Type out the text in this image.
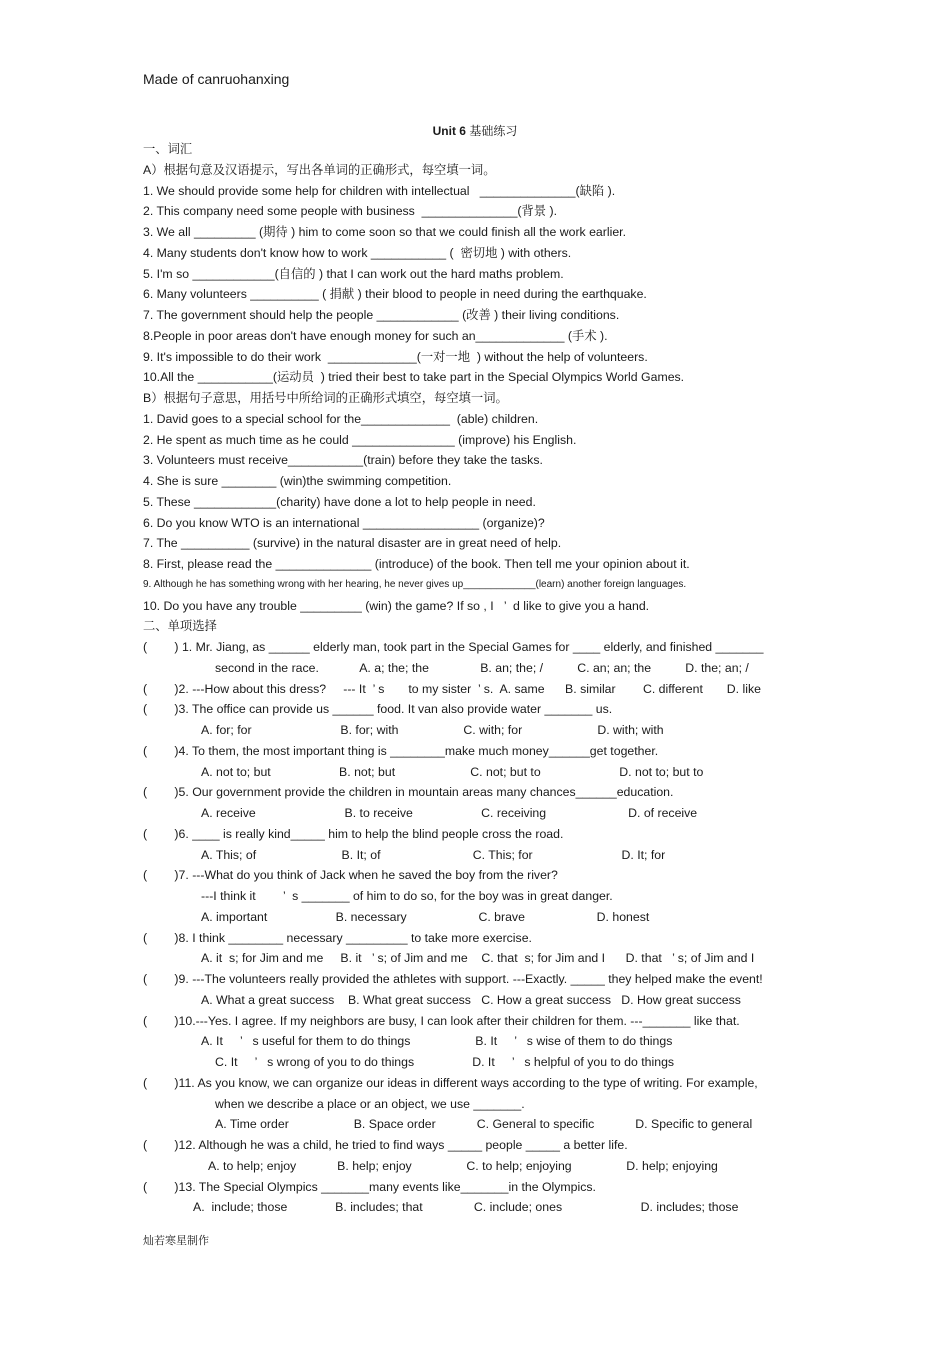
Made of canruohanxing
Unit 6 基础练习
一、词汇
A）根据句意及汉语提示，写出各单词的正确形式，每空填一词。
1. We should provide some help for children with intellectual   ______________(缺陷 ).
2. This company need some people with business  ______________(背景 ).
3. We all _________ (期待 ) him to come soon so that we could finish all the work earlier.
4. Many students don't know how to work ___________ (  密切地 ) with others.
5. I'm so ____________(自信的 ) that I can work out the hard maths problem.
6. Many volunteers __________ ( 捐献 ) their blood to people in need during the earthquake.
7. The government should help the people ____________ (改善 ) their living conditions.
8.People in poor areas don't have enough money for such an_____________ (手术 ).
9. It's impossible to do their work  _____________(一对一地  ) without the help of volunteers.
10.All the ___________(运动员  ) tried their best to take part in the Special Olympics World Games.
B）根据句子意思，用括号中所给词的正确形式填空，每空填一词。
1. David goes to a special school for the_____________  (able) children.
2. He spent as much time as he could _______________ (improve) his English.
3. Volunteers must receive___________(train) before they take the tasks.
4. She is sure ________ (win)the swimming competition.
5. These ____________(charity) have done a lot to help people in need.
6. Do you know WTO is an international _________________ (organize)?
7. The __________ (survive) in the natural disaster are in great need of help.
8. First, please read the ______________ (introduce) of the book. Then tell me your opinion about it.
9. Although he has something wrong with her hearing, he never gives up_____________(learn) another foreign languages.
10. Do you have any trouble _________ (win) the game? If so , I   ’  d like to give you a hand.
二、单项选择
(        ) 1. Mr. Jiang, as ______ elderly man, took part in the Special Games for ____ elderly, and finished _______
second in the race.            A. a; the; the               B. an; the; /          C. an; an; the          D. the; an; /
(        )2. ---How about this dress?     --- It  ’ s       to my sister  ’ s.  A. same      B. similar        C. different       D. like
(        )3. The office can provide us ______ food. It van also provide water _______ us.
A. for; for                          B. for; with                   C. with; for                      D. with; with
(        )4. To them, the most important thing is ________make much money______get together.
A. not to; but                    B. not; but                      C. not; but to                       D. not to; but to
(        )5. Our government provide the children in mountain areas many chances______education.
A. receive                          B. to receive                    C. receiving                        D. of receive
(        )6. ____ is really kind_____ him to help the blind people cross the road.
A. This; of                         B. It; of                           C. This; for                          D. It; for
(        )7. ---What do you think of Jack when he saved the boy from the river?
---I think it        ’  s _______ of him to do so, for the boy was in great danger.
A. important                    B. necessary                     C. brave                     D. honest
(        )8. I think ________ necessary _________ to take more exercise.
A. it  s; for Jim and me     B. it   ’ s; of Jim and me    C. that  s; for Jim and I      D. that   ’ s; of Jim and I
(        )9. ---The volunteers really provided the athletes with support. ---Exactly. _____ they helped make the event!
A. What a great success    B. What great success   C. How a great success   D. How great success
(        )10.---Yes. I agree. If my neighbors are busy, I can look after their children for them. ---_______ like that.
A. It     ’   s useful for them to do things                   B. It     ’   s wise of them to do things
C. It     ’   s wrong of you to do things                 D. It     ’   s helpful of you to do things
(        )11. As you know, we can organize our ideas in different ways according to the type of writing. For example,
when we describe a place or an object, we use _______.
A. Time order                   B. Space order            C. General to specific            D. Specific to general
(        )12. Although he was a child, he tried to find ways _____ people _____ a better life.
A. to help; enjoy            B. help; enjoy                C. to help; enjoying                D. help; enjoying
(        )13. The Special Olympics _______many events like_______in the Olympics.
A.  include; those              B. includes; that               C. include; ones                       D. includes; those
灿若寒星制作
